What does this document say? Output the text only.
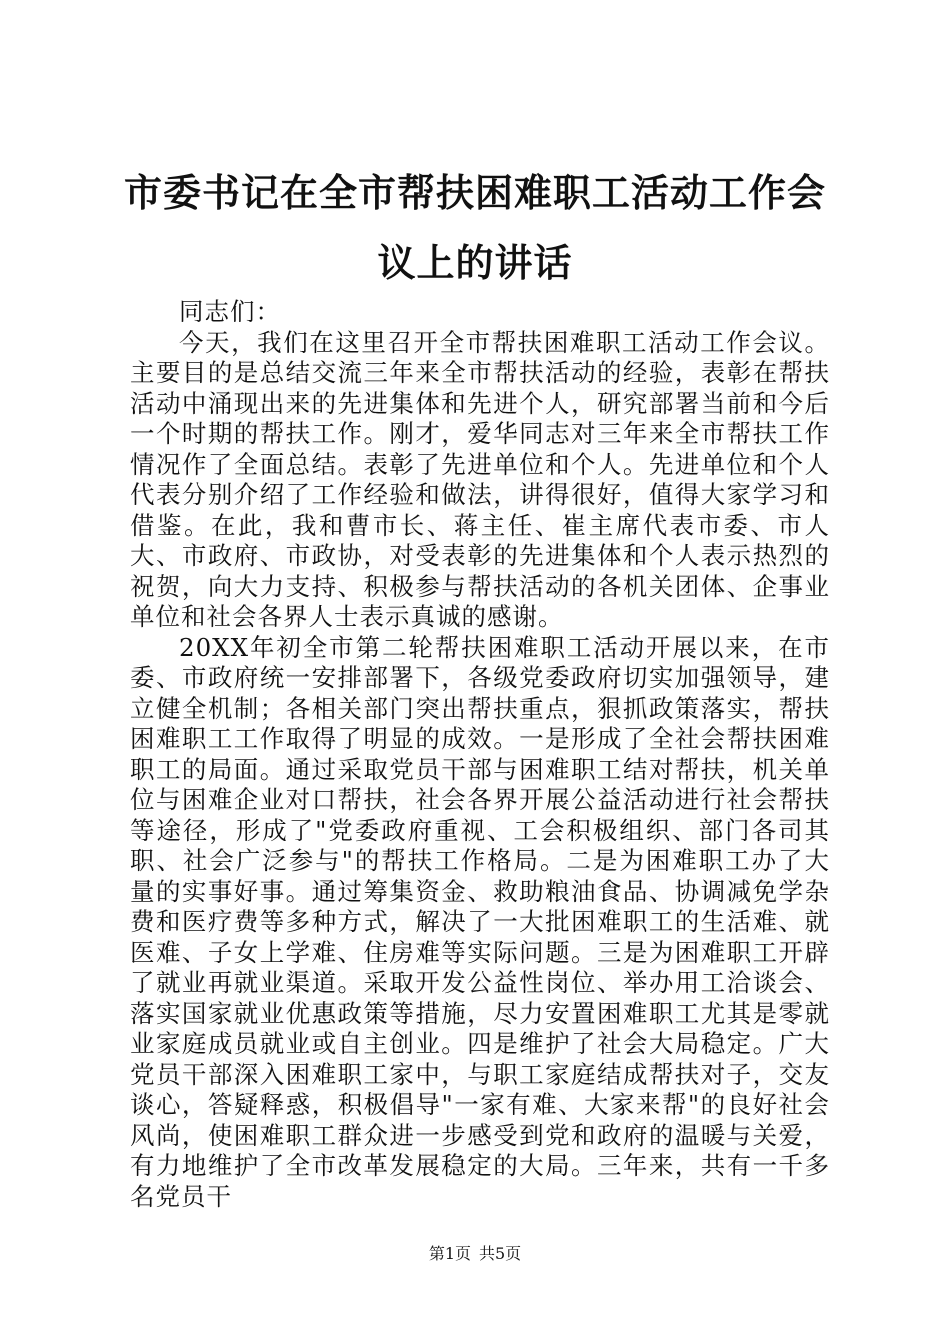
市委书记在全市帮扶困难职工活动工作会议上的讲话

同志们：

今天，我们在这里召开全市帮扶困难职工活动工作会议。主要目的是总结交流三年来全市帮扶活动的经验，表彰在帮扶活动中涌现出来的先进集体和先进个人，研究部署当前和今后一个时期的帮扶工作。刚才，爱华同志对三年来全市帮扶工作情况作了全面总结。表彰了先进单位和个人。先进单位和个人代表分别介绍了工作经验和做法，讲得很好，值得大家学习和借鉴。在此，我和曹市长、蒋主任、崔主席代表市委、市人大、市政府、市政协，对受表彰的先进集体和个人表示热烈的祝贺，向大力支持、积极参与帮扶活动的各机关团体、企事业单位和社会各界人士表示真诚的感谢。

20XX年初全市第二轮帮扶困难职工活动开展以来，在市委、市政府统一安排部署下，各级党委政府切实加强领导，建立健全机制；各相关部门突出帮扶重点，狠抓政策落实，帮扶困难职工工作取得了明显的成效。一是形成了全社会帮扶困难职工的局面。通过采取党员干部与困难职工结对帮扶，机关单位与困难企业对口帮扶，社会各界开展公益活动进行社会帮扶等途径，形成了"党委政府重视、工会积极组织、部门各司其职、社会广泛参与"的帮扶工作格局。二是为困难职工办了大量的实事好事。通过筹集资金、救助粮油食品、协调减免学杂费和医疗费等多种方式，解决了一大批困难职工的生活难、就医难、子女上学难、住房难等实际问题。三是为困难职工开辟了就业再就业渠道。采取开发公益性岗位、举办用工洽谈会、落实国家就业优惠政策等措施，尽力安置困难职工尤其是零就业家庭成员就业或自主创业。四是维护了社会大局稳定。广大党员干部深入困难职工家中，与职工家庭结成帮扶对子，交友谈心，答疑释惑，积极倡导"一家有难、大家来帮"的良好社会风尚，使困难职工群众进一步感受到党和政府的温暖与关爱，有力地维护了全市改革发展稳定的大局。三年来，共有一千多名党员干

第1页 共5页
